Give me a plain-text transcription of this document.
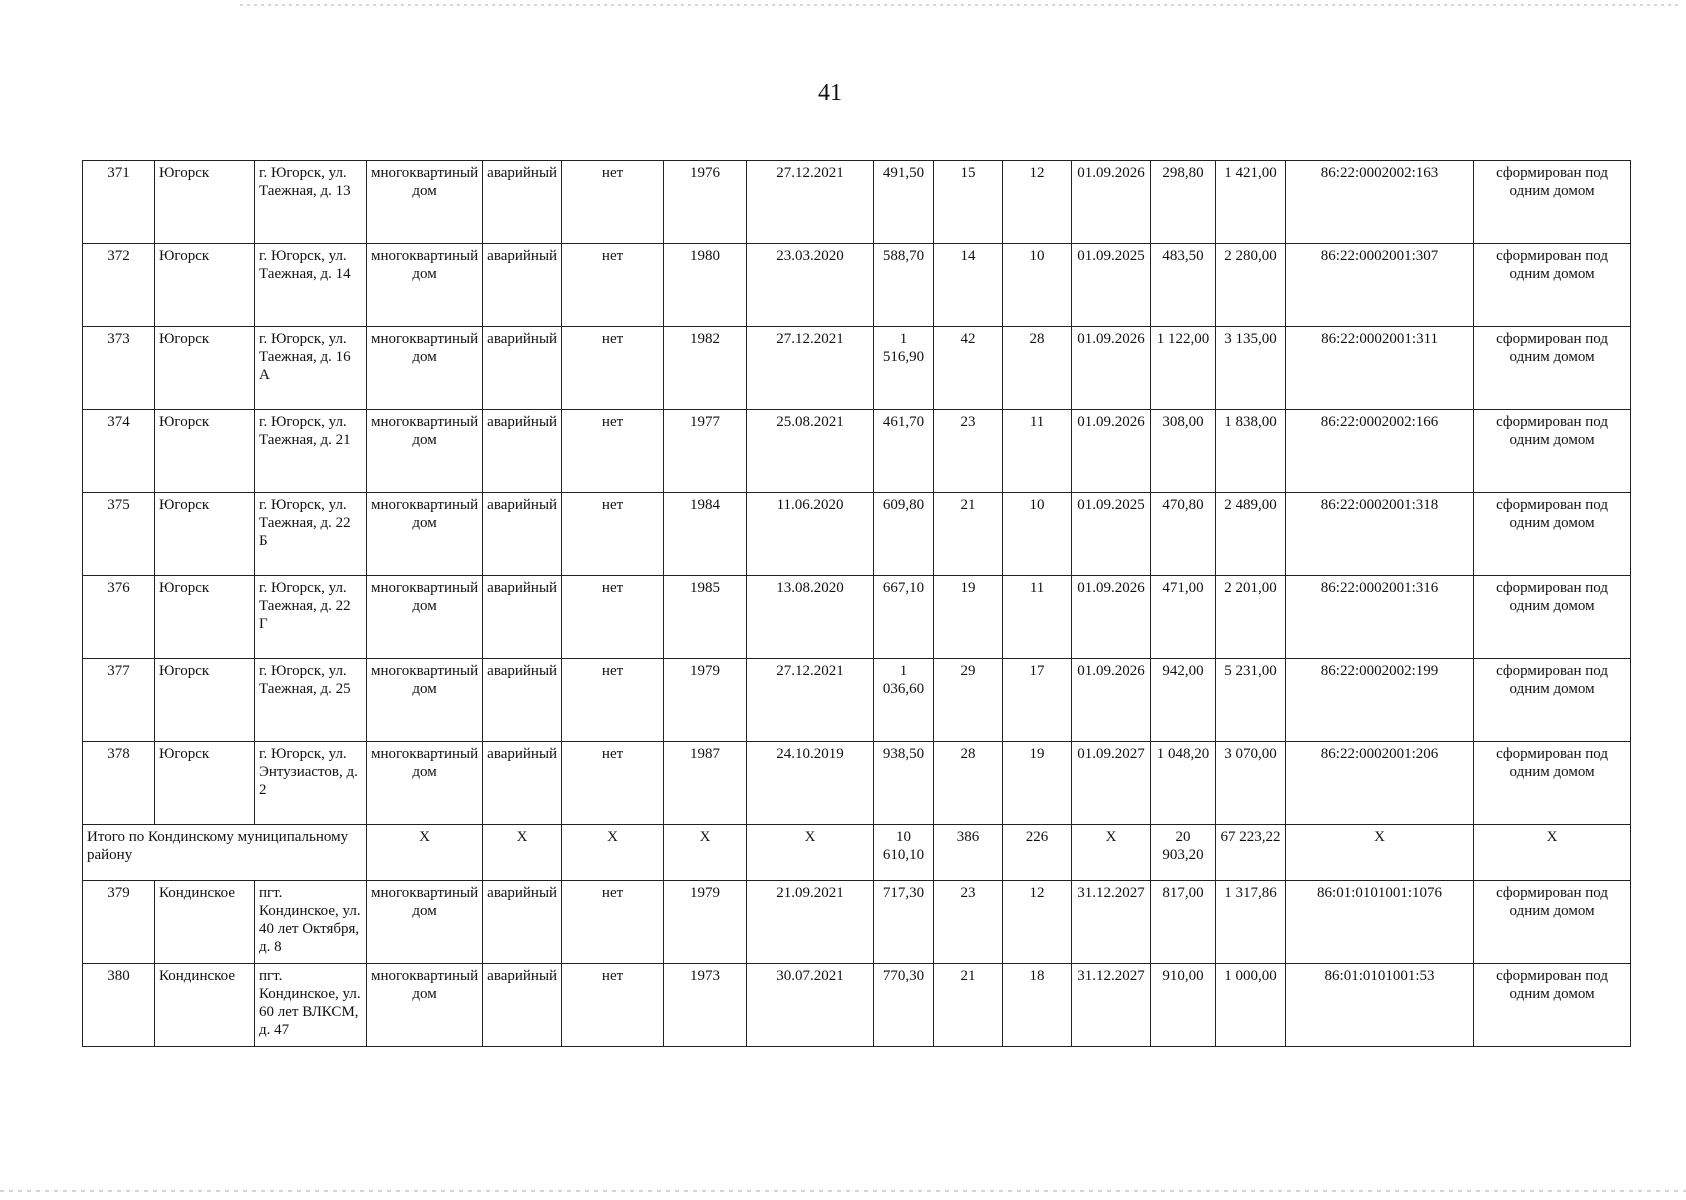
41
371	Югорск	г. Югорск, ул. Таежная, д. 13	многоквартиный дом	аварийный	нет	1976	27.12.2021	491,50	15	12	01.09.2026	298,80	1 421,00	86:22:0002002:163	сформирован под одним домом
372	Югорск	г. Югорск, ул. Таежная, д. 14	многоквартиный дом	аварийный	нет	1980	23.03.2020	588,70	14	10	01.09.2025	483,50	2 280,00	86:22:0002001:307	сформирован под одним домом
373	Югорск	г. Югорск, ул. Таежная, д. 16 А	многоквартиный дом	аварийный	нет	1982	27.12.2021	1 516,90	42	28	01.09.2026	1 122,00	3 135,00	86:22:0002001:311	сформирован под одним домом
374	Югорск	г. Югорск, ул. Таежная, д. 21	многоквартиный дом	аварийный	нет	1977	25.08.2021	461,70	23	11	01.09.2026	308,00	1 838,00	86:22:0002002:166	сформирован под одним домом
375	Югорск	г. Югорск, ул. Таежная, д. 22 Б	многоквартиный дом	аварийный	нет	1984	11.06.2020	609,80	21	10	01.09.2025	470,80	2 489,00	86:22:0002001:318	сформирован под одним домом
376	Югорск	г. Югорск, ул. Таежная, д. 22 Г	многоквартиный дом	аварийный	нет	1985	13.08.2020	667,10	19	11	01.09.2026	471,00	2 201,00	86:22:0002001:316	сформирован под одним домом
377	Югорск	г. Югорск, ул. Таежная, д. 25	многоквартиный дом	аварийный	нет	1979	27.12.2021	1 036,60	29	17	01.09.2026	942,00	5 231,00	86:22:0002002:199	сформирован под одним домом
378	Югорск	г. Югорск, ул. Энтузиастов, д. 2	многоквартиный дом	аварийный	нет	1987	24.10.2019	938,50	28	19	01.09.2027	1 048,20	3 070,00	86:22:0002001:206	сформирован под одним домом
Итого по Кондинскому муниципальному району			X	X	X	X	X	10 610,10	386	226	X	20 903,20	67 223,22	X	X
379	Кондинское	пгт. Кондинское, ул. 40 лет Октября, д. 8	многоквартиный дом	аварийный	нет	1979	21.09.2021	717,30	23	12	31.12.2027	817,00	1 317,86	86:01:0101001:1076	сформирован под одним домом
380	Кондинское	пгт. Кондинское, ул. 60 лет ВЛКСМ, д. 47	многоквартиный дом	аварийный	нет	1973	30.07.2021	770,30	21	18	31.12.2027	910,00	1 000,00	86:01:0101001:53	сформирован под одним домом
